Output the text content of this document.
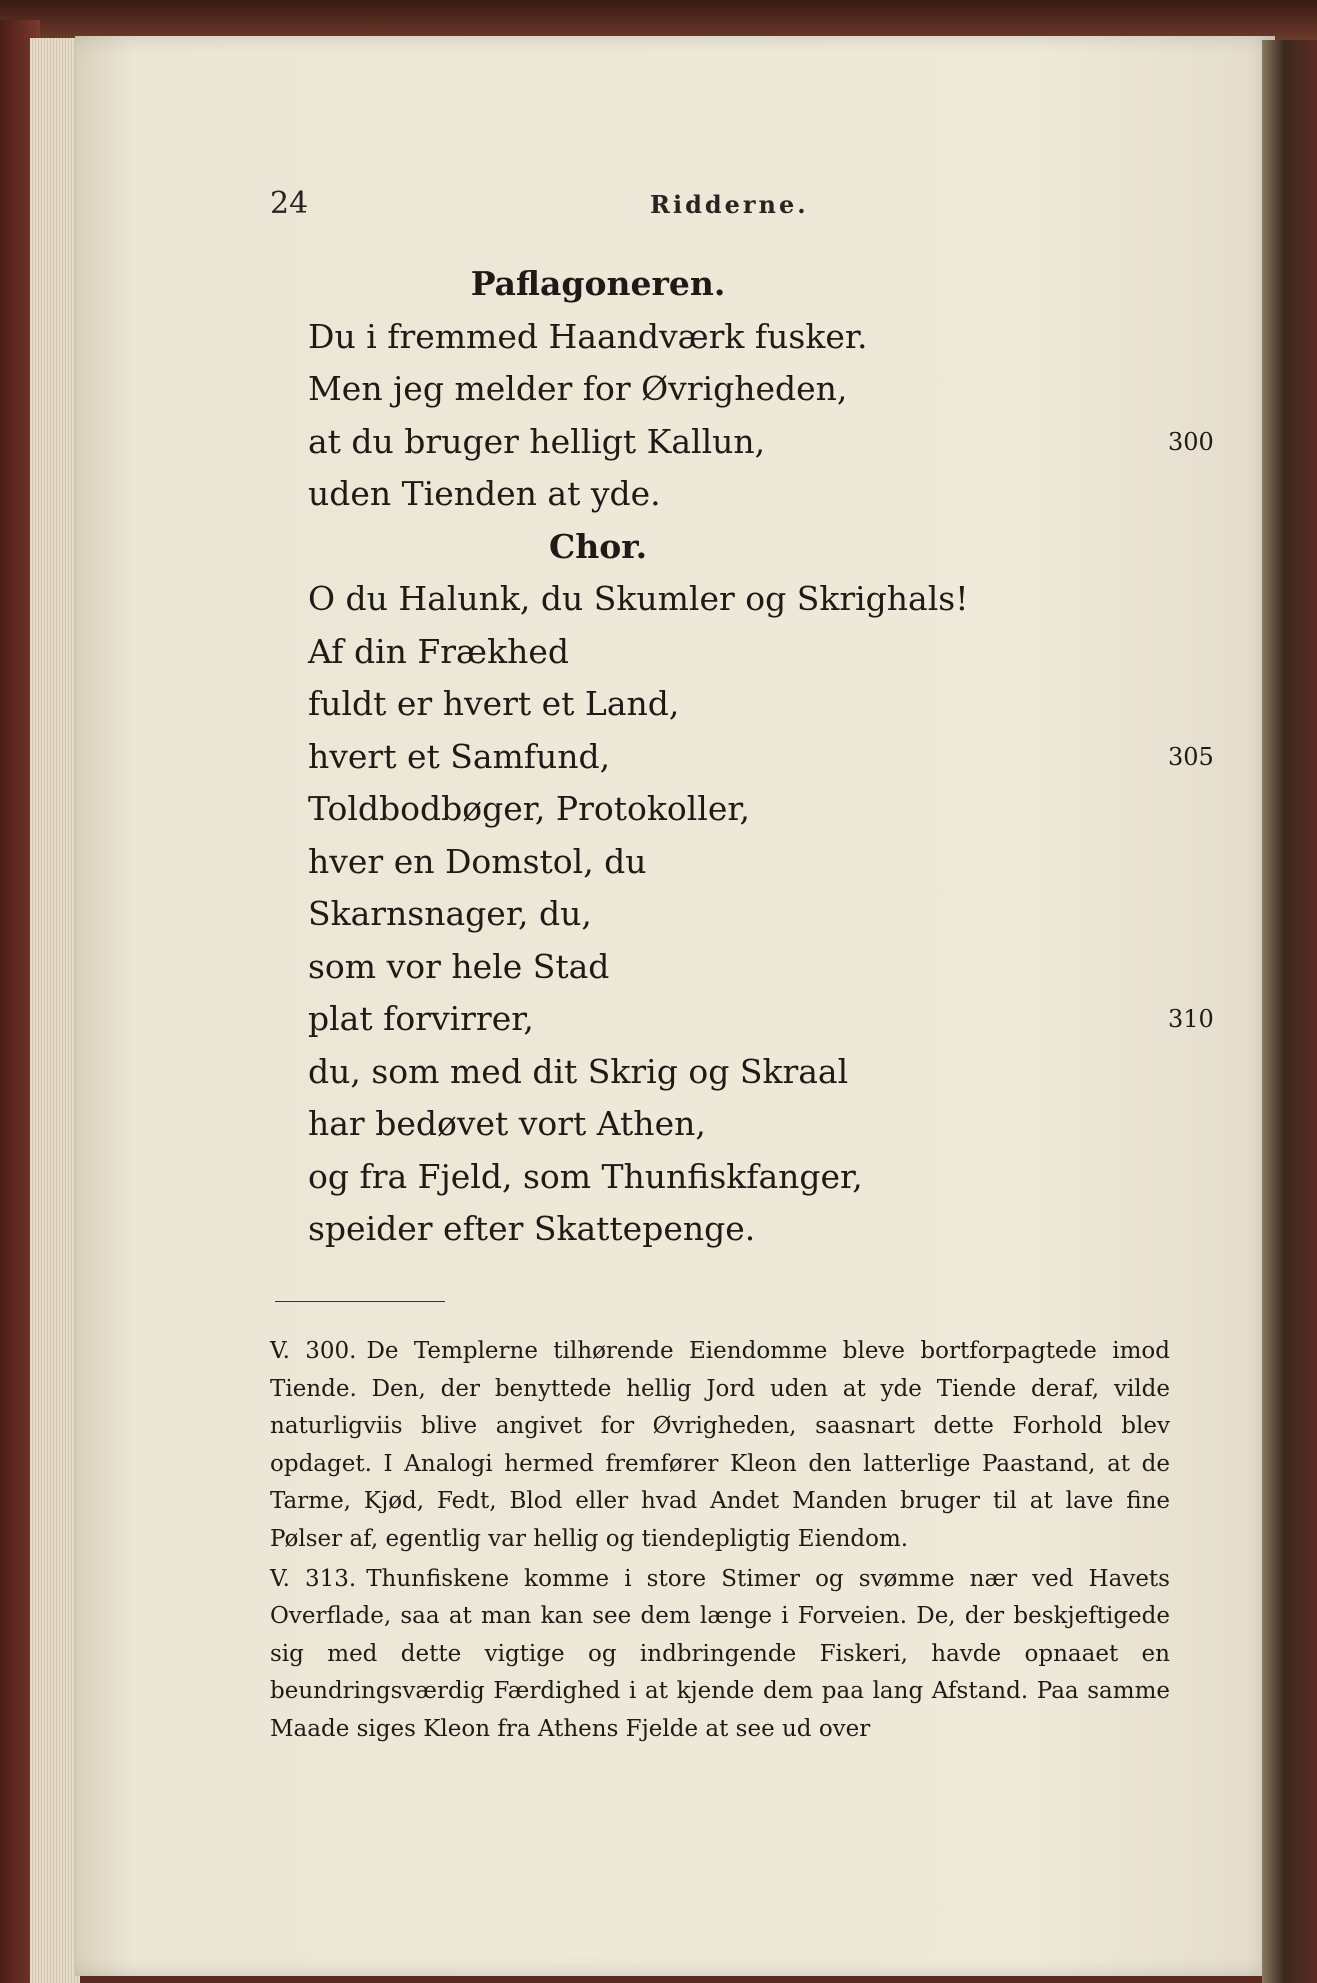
24	Ridderne.
Paflagoneren.
Du i fremmed Haandværk fusker.
Men jeg melder for Øvrigheden,
at du bruger helligt Kallun,	300
uden Tienden at yde.
Chor.
O du Halunk, du Skumler og Skrighals!
Af din Frækhed
fuldt er hvert et Land,
hvert et Samfund,	305
Toldbodbøger, Protokoller,
hver en Domstol, du
Skarnsnager, du,
som vor hele Stad
plat forvirrer,	310
du, som med dit Skrig og Skraal
har bedøvet vort Athen,
og fra Fjeld, som Thunfiskfanger,
speider efter Skattepenge.

V. 300. De Templerne tilhørende Eiendomme bleve bortforpagtede imod Tiende. Den, der benyttede hellig Jord uden at yde Tiende deraf, vilde naturligviis blive angivet for Øvrigheden, saasnart dette Forhold blev opdaget. I Analogi hermed fremfører Kleon den latterlige Paastand, at de Tarme, Kjød, Fedt, Blod eller hvad Andet Manden bruger til at lave fine Pølser af, egentlig var hellig og tiendepligtig Eiendom.

V. 313. Thunfiskene komme i store Stimer og svømme nær ved Havets Overflade, saa at man kan see dem længe i Forveien. De, der beskjeftigede sig med dette vigtige og indbringende Fiskeri, havde opnaaet en beundringsværdig Færdighed i at kjende dem paa lang Afstand. Paa samme Maade siges Kleon fra Athens Fjelde at see ud over
